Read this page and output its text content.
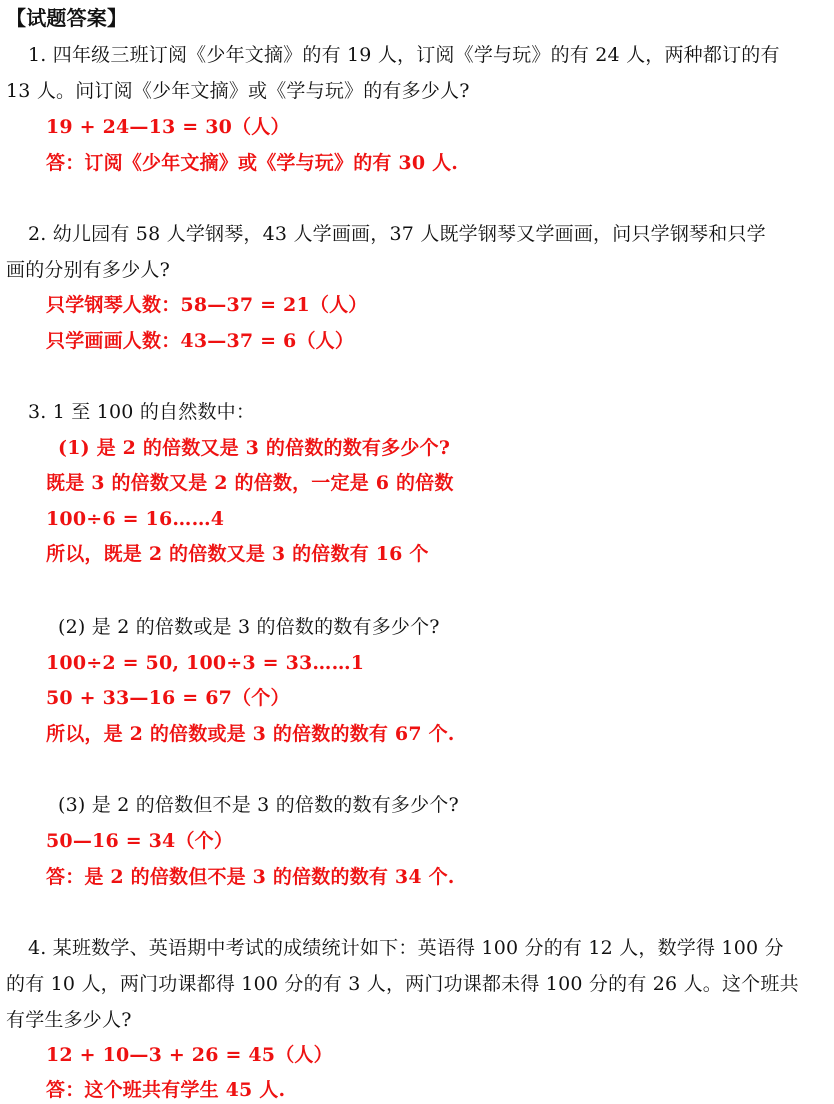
【试题答案】
1. 四年级三班订阅《少年文摘》的有 19 人，订阅《学与玩》的有 24 人，两种都订的有
13 人。问订阅《少年文摘》或《学与玩》的有多少人?
19 + 24—13 = 30（人）
答：订阅《少年文摘》或《学与玩》的有 30 人.
2. 幼儿园有 58 人学钢琴，43 人学画画，37 人既学钢琴又学画画，问只学钢琴和只学
画的分别有多少人?
只学钢琴人数：58—37 = 21（人）
只学画画人数：43—37 = 6（人）
3. 1 至 100 的自然数中：
(1) 是 2 的倍数又是 3 的倍数的数有多少个?
既是 3 的倍数又是 2 的倍数，一定是 6 的倍数
100÷6 = 16……4
所以，既是 2 的倍数又是 3 的倍数有 16 个
(2) 是 2 的倍数或是 3 的倍数的数有多少个?
100÷2 = 50, 100÷3 = 33……1
50 + 33—16 = 67（个）
所以，是 2 的倍数或是 3 的倍数的数有 67 个.
(3) 是 2 的倍数但不是 3 的倍数的数有多少个?
50—16 = 34（个）
答：是 2 的倍数但不是 3 的倍数的数有 34 个.
4. 某班数学、英语期中考试的成绩统计如下：英语得 100 分的有 12 人，数学得 100 分
的有 10 人，两门功课都得 100 分的有 3 人，两门功课都未得 100 分的有 26 人。这个班共
有学生多少人?
12 + 10—3 + 26 = 45（人）
答：这个班共有学生 45 人.
